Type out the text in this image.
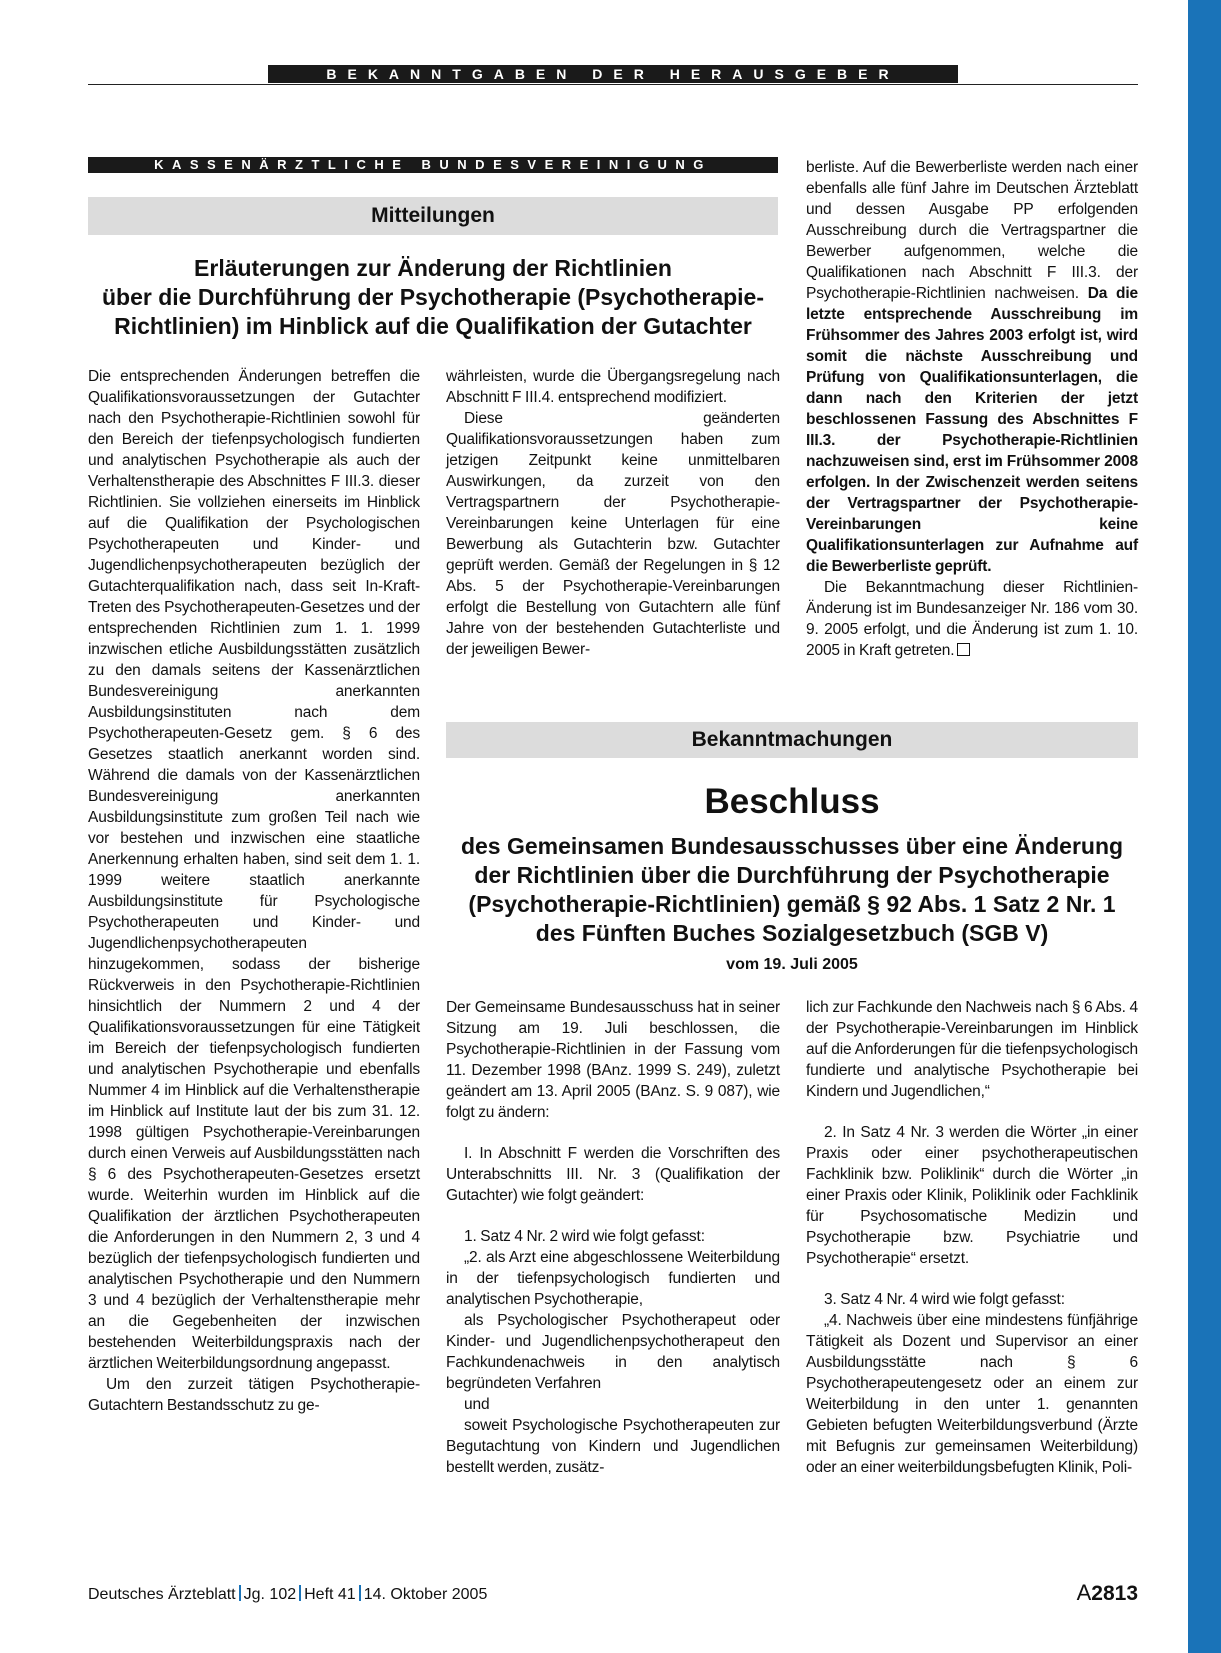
BEKANNTGABEN DER HERAUSGEBER
KASSENÄRZTLICHE BUNDESVEREINIGUNG
Mitteilungen
Erläuterungen zur Änderung der Richtlinien
über die Durchführung der Psychotherapie (Psychotherapie-
Richtlinien) im Hinblick auf die Qualifikation der Gutachter

Die entsprechenden Änderungen betreffen die Qualifikationsvoraussetzungen der Gutachter nach den Psychotherapie-Richtlinien sowohl für den Bereich der tiefenpsychologisch fundierten und analytischen Psychotherapie als auch der Verhaltenstherapie des Abschnittes F III.3. dieser Richtlinien. Sie vollziehen einerseits im Hinblick auf die Qualifikation der Psychologischen Psychotherapeuten und Kinder- und Jugendlichenpsychotherapeuten bezüglich der Gutachterqualifikation nach, dass seit In-Kraft-Treten des Psychotherapeuten-Gesetzes und der entsprechenden Richtlinien zum 1. 1. 1999 inzwischen etliche Ausbildungsstätten zusätzlich zu den damals seitens der Kassenärztlichen Bundesvereinigung anerkannten Ausbildungsinstituten nach dem Psychotherapeuten-Gesetz gem. § 6 des Gesetzes staatlich anerkannt worden sind. Während die damals von der Kassenärztlichen Bundesvereinigung anerkannten Ausbildungsinstitute zum großen Teil nach wie vor bestehen und inzwischen eine staatliche Anerkennung erhalten haben, sind seit dem 1. 1. 1999 weitere staatlich anerkannte Ausbildungsinstitute für Psychologische Psychotherapeuten und Kinder- und Jugendlichenpsychotherapeuten hinzugekommen, sodass der bisherige Rückverweis in den Psychotherapie-Richtlinien hinsichtlich der Nummern 2 und 4 der Qualifikationsvoraussetzungen für eine Tätigkeit im Bereich der tiefenpsychologisch fundierten und analytischen Psychotherapie und ebenfalls Nummer 4 im Hinblick auf die Verhaltenstherapie im Hinblick auf Institute laut der bis zum 31. 12. 1998 gültigen Psychotherapie-Vereinbarungen durch einen Verweis auf Ausbildungsstätten nach § 6 des Psychotherapeuten-Gesetzes ersetzt wurde. Weiterhin wurden im Hinblick auf die Qualifikation der ärztlichen Psychotherapeuten die Anforderungen in den Nummern 2, 3 und 4 bezüglich der tiefenpsychologisch fundierten und analytischen Psychotherapie und den Nummern 3 und 4 bezüglich der Verhaltenstherapie mehr an die Gegebenheiten der inzwischen bestehenden Weiterbildungspraxis nach der ärztlichen Weiterbildungsordnung angepasst.

Um den zurzeit tätigen Psychotherapie-Gutachtern Bestandsschutz zu ge-

währleisten, wurde die Übergangsregelung nach Abschnitt F III.4. entsprechend modifiziert.

Diese geänderten Qualifikationsvoraussetzungen haben zum jetzigen Zeitpunkt keine unmittelbaren Auswirkungen, da zurzeit von den Vertragspartnern der Psychotherapie-Vereinbarungen keine Unterlagen für eine Bewerbung als Gutachterin bzw. Gutachter geprüft werden. Gemäß der Regelungen in § 12 Abs. 5 der Psychotherapie-Vereinbarungen erfolgt die Bestellung von Gutachtern alle fünf Jahre von der bestehenden Gutachterliste und der jeweiligen Bewer-

berliste. Auf die Bewerberliste werden nach einer ebenfalls alle fünf Jahre im Deutschen Ärzteblatt und dessen Ausgabe PP erfolgenden Ausschreibung durch die Vertragspartner die Bewerber aufgenommen, welche die Qualifikationen nach Abschnitt F III.3. der Psychotherapie-Richtlinien nachweisen. Da die letzte entsprechende Ausschreibung im Frühsommer des Jahres 2003 erfolgt ist, wird somit die nächste Ausschreibung und Prüfung von Qualifikationsunterlagen, die dann nach den Kriterien der jetzt beschlossenen Fassung des Abschnittes F III.3. der Psychotherapie-Richtlinien nachzuweisen sind, erst im Frühsommer 2008 erfolgen. In der Zwischenzeit werden seitens der Vertragspartner der Psychotherapie-Vereinbarungen keine Qualifikationsunterlagen zur Aufnahme auf die Bewerberliste geprüft.

Die Bekanntmachung dieser Richtlinien-Änderung ist im Bundesanzeiger Nr. 186 vom 30. 9. 2005 erfolgt, und die Änderung ist zum 1. 10. 2005 in Kraft getreten.

Bekanntmachungen
Beschluss
des Gemeinsamen Bundesausschusses über eine Änderung
der Richtlinien über die Durchführung der Psychotherapie
(Psychotherapie-Richtlinien) gemäß § 92 Abs. 1 Satz 2 Nr. 1
des Fünften Buches Sozialgesetzbuch (SGB V)
vom 19. Juli 2005

Der Gemeinsame Bundesausschuss hat in seiner Sitzung am 19. Juli beschlossen, die Psychotherapie-Richtlinien in der Fassung vom 11. Dezember 1998 (BAnz. 1999 S. 249), zuletzt geändert am 13. April 2005 (BAnz. S. 9 087), wie folgt zu ändern:

I. In Abschnitt F werden die Vorschriften des Unterabschnitts III. Nr. 3 (Qualifikation der Gutachter) wie folgt geändert:

1. Satz 4 Nr. 2 wird wie folgt gefasst:

„2. als Arzt eine abgeschlossene Weiterbildung in der tiefenpsychologisch fundierten und analytischen Psychotherapie,

als Psychologischer Psychotherapeut oder Kinder- und Jugendlichenpsychotherapeut den Fachkundenachweis in den analytisch begründeten Verfahren

und

soweit Psychologische Psychotherapeuten zur Begutachtung von Kindern und Jugendlichen bestellt werden, zusätz-

lich zur Fachkunde den Nachweis nach § 6 Abs. 4 der Psychotherapie-Vereinbarungen im Hinblick auf die Anforderungen für die tiefenpsychologisch fundierte und analytische Psychotherapie bei Kindern und Jugendlichen,“

2. In Satz 4 Nr. 3 werden die Wörter „in einer Praxis oder einer psychotherapeutischen Fachklinik bzw. Poliklinik“ durch die Wörter „in einer Praxis oder Klinik, Poliklinik oder Fachklinik für Psychosomatische Medizin und Psychotherapie bzw. Psychiatrie und Psychotherapie“ ersetzt.

3. Satz 4 Nr. 4 wird wie folgt gefasst:

„4. Nachweis über eine mindestens fünfjährige Tätigkeit als Dozent und Supervisor an einer Ausbildungsstätte nach § 6 Psychotherapeutengesetz oder an einem zur Weiterbildung in den unter 1. genannten Gebieten befugten Weiterbildungsverbund (Ärzte mit Befugnis zur gemeinsamen Weiterbildung) oder an einer weiterbildungsbefugten Klinik, Poli-

Deutsches Ärzteblatt Jg. 102 Heft 41 14. Oktober 2005	A2813
